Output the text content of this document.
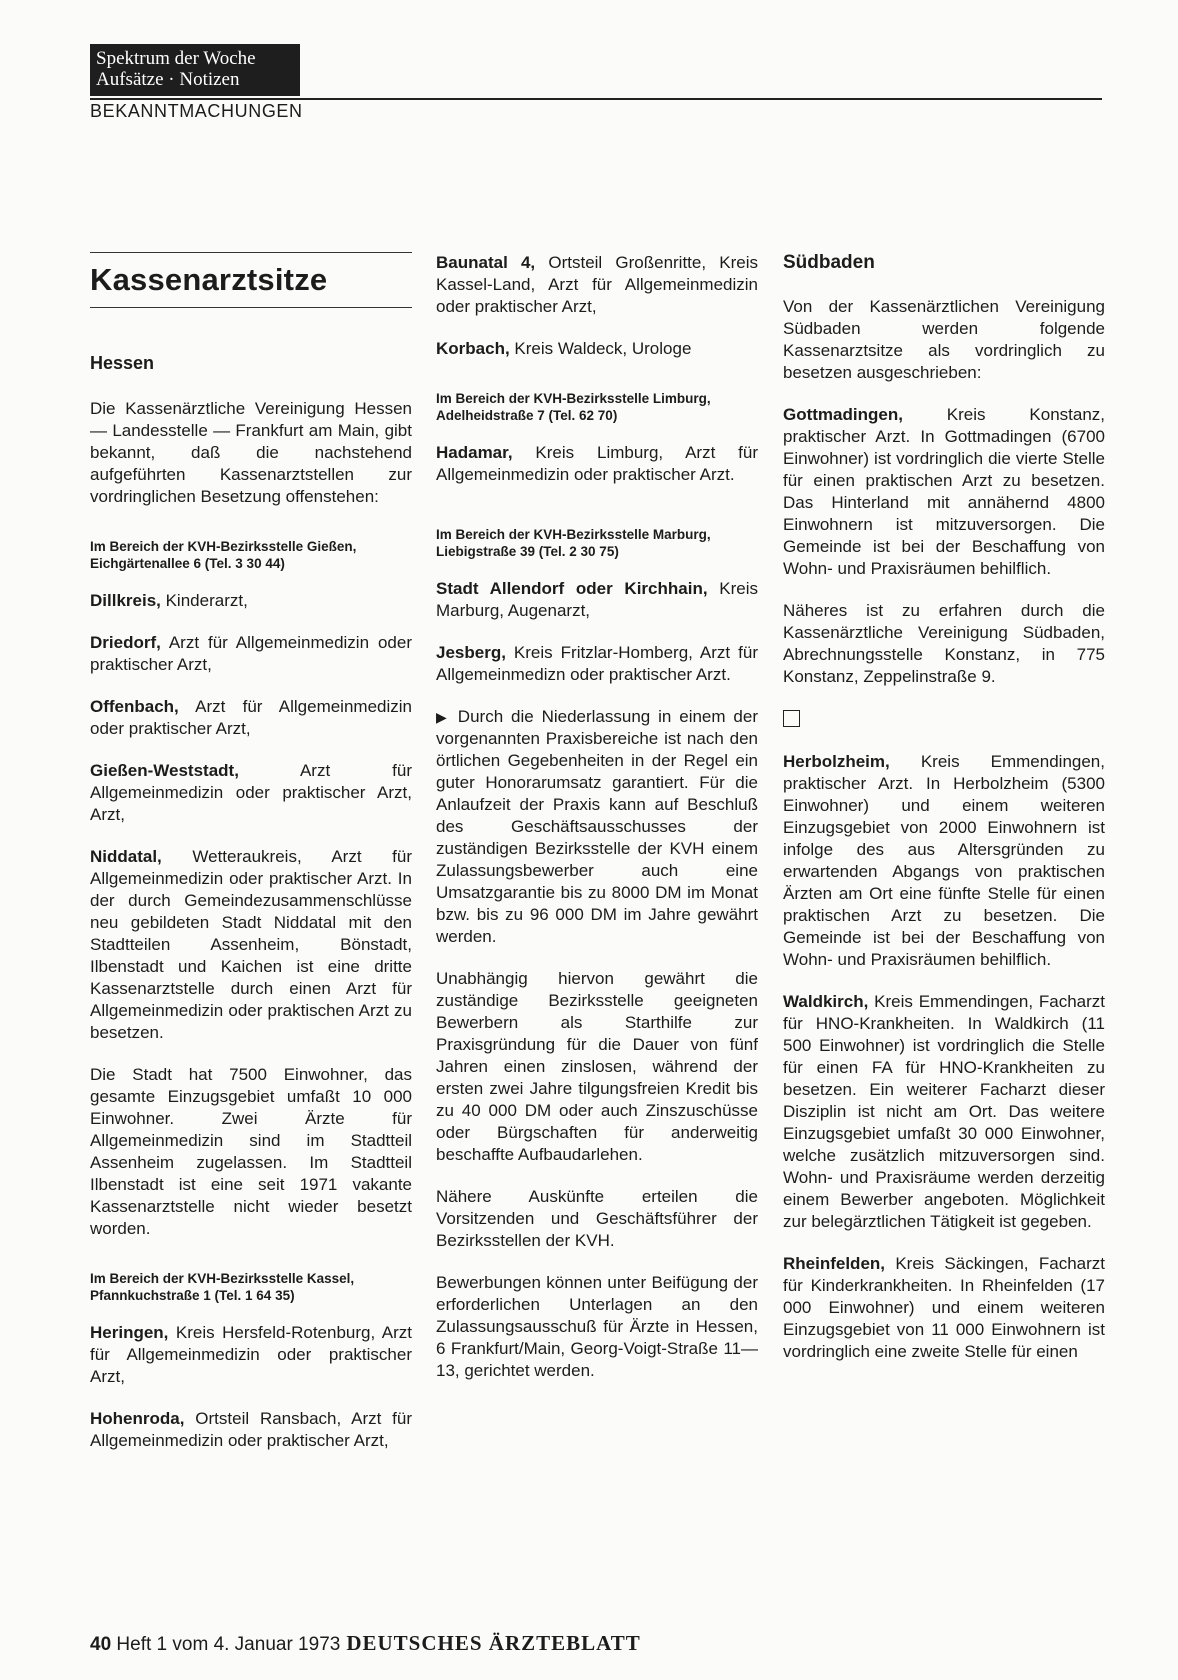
Spektrum der Woche
Aufsätze · Notizen
BEKANNTMACHUNGEN
Kassenarztsitze
Hessen

Die Kassenärztliche Vereinigung Hessen — Landesstelle — Frankfurt am Main, gibt bekannt, daß die nachstehend aufgeführten Kassenarztstellen zur vordringlichen Besetzung offenstehen:

Im Bereich der KVH-Bezirksstelle Gießen, Eichgärtenallee 6 (Tel. 3 30 44)

Dillkreis, Kinderarzt,

Driedorf, Arzt für Allgemeinmedizin oder praktischer Arzt,

Offenbach, Arzt für Allgemeinmedizin oder praktischer Arzt,

Gießen-Weststadt, Arzt für Allgemeinmedizin oder praktischer Arzt, Arzt,

Niddatal, Wetteraukreis, Arzt für Allgemeinmedizin oder praktischer Arzt. In der durch Gemeindezusammenschlüsse neu gebildeten Stadt Niddatal mit den Stadtteilen Assenheim, Bönstadt, Ilbenstadt und Kaichen ist eine dritte Kassenarztstelle durch einen Arzt für Allgemeinmedizin oder praktischen Arzt zu besetzen.

Die Stadt hat 7500 Einwohner, das gesamte Einzugsgebiet umfaßt 10 000 Einwohner. Zwei Ärzte für Allgemeinmedizin sind im Stadtteil Assenheim zugelassen. Im Stadtteil Ilbenstadt ist eine seit 1971 vakante Kassenarztstelle nicht wieder besetzt worden.

Im Bereich der KVH-Bezirksstelle Kassel, Pfannkuchstraße 1 (Tel. 1 64 35)

Heringen, Kreis Hersfeld-Rotenburg, Arzt für Allgemeinmedizin oder praktischer Arzt,

Hohenroda, Ortsteil Ransbach, Arzt für Allgemeinmedizin oder praktischer Arzt,

Baunatal 4, Ortsteil Großenritte, Kreis Kassel-Land, Arzt für Allgemeinmedizin oder praktischer Arzt,

Korbach, Kreis Waldeck, Urologe

Im Bereich der KVH-Bezirksstelle Limburg, Adelheidstraße 7 (Tel. 62 70)

Hadamar, Kreis Limburg, Arzt für Allgemeinmedizin oder praktischer Arzt.

Im Bereich der KVH-Bezirksstelle Marburg, Liebigstraße 39 (Tel. 2 30 75)

Stadt Allendorf oder Kirchhain, Kreis Marburg, Augenarzt,

Jesberg, Kreis Fritzlar-Homberg, Arzt für Allgemeinmedizn oder praktischer Arzt.

▶ Durch die Niederlassung in einem der vorgenannten Praxisbereiche ist nach den örtlichen Gegebenheiten in der Regel ein guter Honorarumsatz garantiert. Für die Anlaufzeit der Praxis kann auf Beschluß des Geschäftsausschusses der zuständigen Bezirksstelle der KVH einem Zulassungsbewerber auch eine Umsatzgarantie bis zu 8000 DM im Monat bzw. bis zu 96 000 DM im Jahre gewährt werden.

Unabhängig hiervon gewährt die zuständige Bezirksstelle geeigneten Bewerbern als Starthilfe zur Praxisgründung für die Dauer von fünf Jahren einen zinslosen, während der ersten zwei Jahre tilgungsfreien Kredit bis zu 40 000 DM oder auch Zinszuschüsse oder Bürgschaften für anderweitig beschaffte Aufbaudarlehen.

Nähere Auskünfte erteilen die Vorsitzenden und Geschäftsführer der Bezirksstellen der KVH.

Bewerbungen können unter Beifügung der erforderlichen Unterlagen an den Zulassungsausschuß für Ärzte in Hessen, 6 Frankfurt/Main, Georg-Voigt-Straße 11—13, gerichtet werden.

Südbaden

Von der Kassenärztlichen Vereinigung Südbaden werden folgende Kassenarztsitze als vordringlich zu besetzen ausgeschrieben:

Gottmadingen, Kreis Konstanz, praktischer Arzt. In Gottmadingen (6700 Einwohner) ist vordringlich die vierte Stelle für einen praktischen Arzt zu besetzen. Das Hinterland mit annähernd 4800 Einwohnern ist mitzuversorgen. Die Gemeinde ist bei der Beschaffung von Wohn- und Praxisräumen behilflich.

Näheres ist zu erfahren durch die Kassenärztliche Vereinigung Südbaden, Abrechnungsstelle Konstanz, in 775 Konstanz, Zeppelinstraße 9.

Herbolzheim, Kreis Emmendingen, praktischer Arzt. In Herbolzheim (5300 Einwohner) und einem weiteren Einzugsgebiet von 2000 Einwohnern ist infolge des aus Altersgründen zu erwartenden Abgangs von praktischen Ärzten am Ort eine fünfte Stelle für einen praktischen Arzt zu besetzen. Die Gemeinde ist bei der Beschaffung von Wohn- und Praxisräumen behilflich.

Waldkirch, Kreis Emmendingen, Facharzt für HNO-Krankheiten. In Waldkirch (11 500 Einwohner) ist vordringlich die Stelle für einen FA für HNO-Krankheiten zu besetzen. Ein weiterer Facharzt dieser Disziplin ist nicht am Ort. Das weitere Einzugsgebiet umfaßt 30 000 Einwohner, welche zusätzlich mitzuversorgen sind. Wohn- und Praxisräume werden derzeitig einem Bewerber angeboten. Möglichkeit zur belegärztlichen Tätigkeit ist gegeben.

Rheinfelden, Kreis Säckingen, Facharzt für Kinderkrankheiten. In Rheinfelden (17 000 Einwohner) und einem weiteren Einzugsgebiet von 11 000 Einwohnern ist vordringlich eine zweite Stelle für einen

40 Heft 1 vom 4. Januar 1973 DEUTSCHES ÄRZTEBLATT
